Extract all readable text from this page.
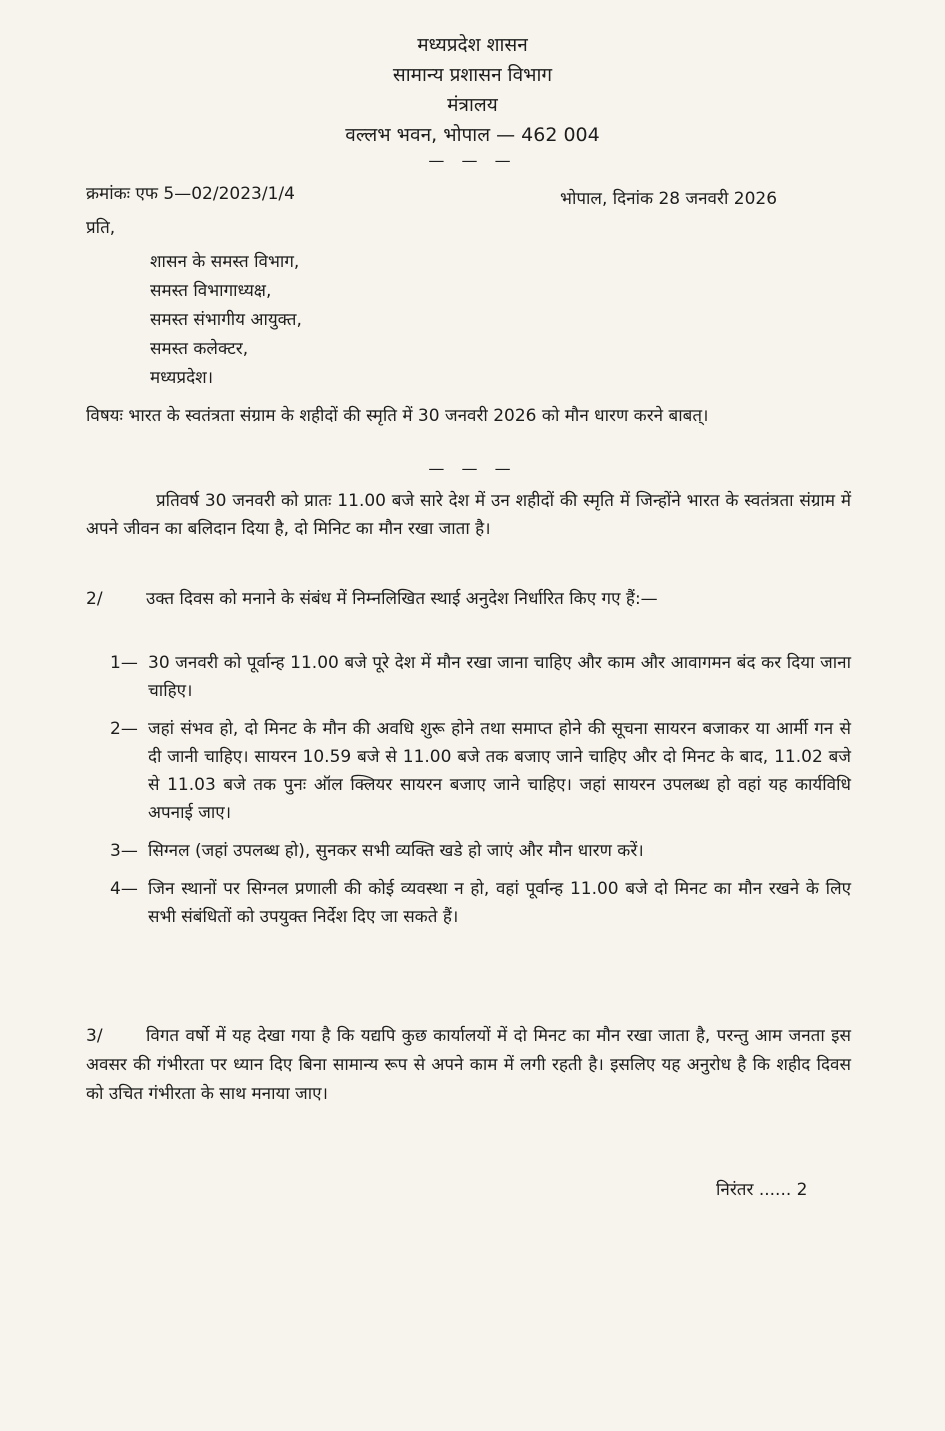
मध्यप्रदेश शासन
सामान्य प्रशासन विभाग
मंत्रालय
वल्लभ भवन, भोपाल — 462 004
— — —
क्रमांकः एफ 5—02/2023/1/4	भोपाल, दिनांक 28 जनवरी 2026
प्रति,
शासन के समस्त विभाग,
समस्त विभागाध्यक्ष,
समस्त संभागीय आयुक्त,
समस्त कलेक्टर,
मध्यप्रदेश।
विषयः भारत के स्वतंत्रता संग्राम के शहीदों की स्मृति में 30 जनवरी 2026 को मौन धारण करने बाबत्।
— — —
प्रतिवर्ष 30 जनवरी को प्रातः 11.00 बजे सारे देश में उन शहीदों की स्मृति में जिन्होंने भारत के स्वतंत्रता संग्राम में अपने जीवन का बलिदान दिया है, दो मिनिट का मौन रखा जाता है।
2/	उक्त दिवस को मनाने के संबंध में निम्नलिखित स्थाई अनुदेश निर्धारित किए गए हैं:—
1— 30 जनवरी को पूर्वान्ह 11.00 बजे पूरे देश में मौन रखा जाना चाहिए और काम और आवागमन बंद कर दिया जाना चाहिए।
2— जहां संभव हो, दो मिनट के मौन की अवधि शुरू होने तथा समाप्त होने की सूचना सायरन बजाकर या आर्मी गन से दी जानी चाहिए। सायरन 10.59 बजे से 11.00 बजे तक बजाए जाने चाहिए और दो मिनट के बाद, 11.02 बजे से 11.03 बजे तक पुनः ऑल क्लियर सायरन बजाए जाने चाहिए। जहां सायरन उपलब्ध हो वहां यह कार्यविधि अपनाई जाए।
3— सिग्नल (जहां उपलब्ध हो), सुनकर सभी व्यक्ति खडे हो जाएं और मौन धारण करें।
4— जिन स्थानों पर सिग्नल प्रणाली की कोई व्यवस्था न हो, वहां पूर्वान्ह 11.00 बजे दो मिनट का मौन रखने के लिए सभी संबंधितों को उपयुक्त निर्देश दिए जा सकते हैं।
3/	विगत वर्षो में यह देखा गया है कि यद्यपि कुछ कार्यालयों में दो मिनट का मौन रखा जाता है, परन्तु आम जनता इस अवसर की गंभीरता पर ध्यान दिए बिना सामान्य रूप से अपने काम में लगी रहती है। इसलिए यह अनुरोध है कि शहीद दिवस को उचित गंभीरता के साथ मनाया जाए।
निरंतर ...... 2
